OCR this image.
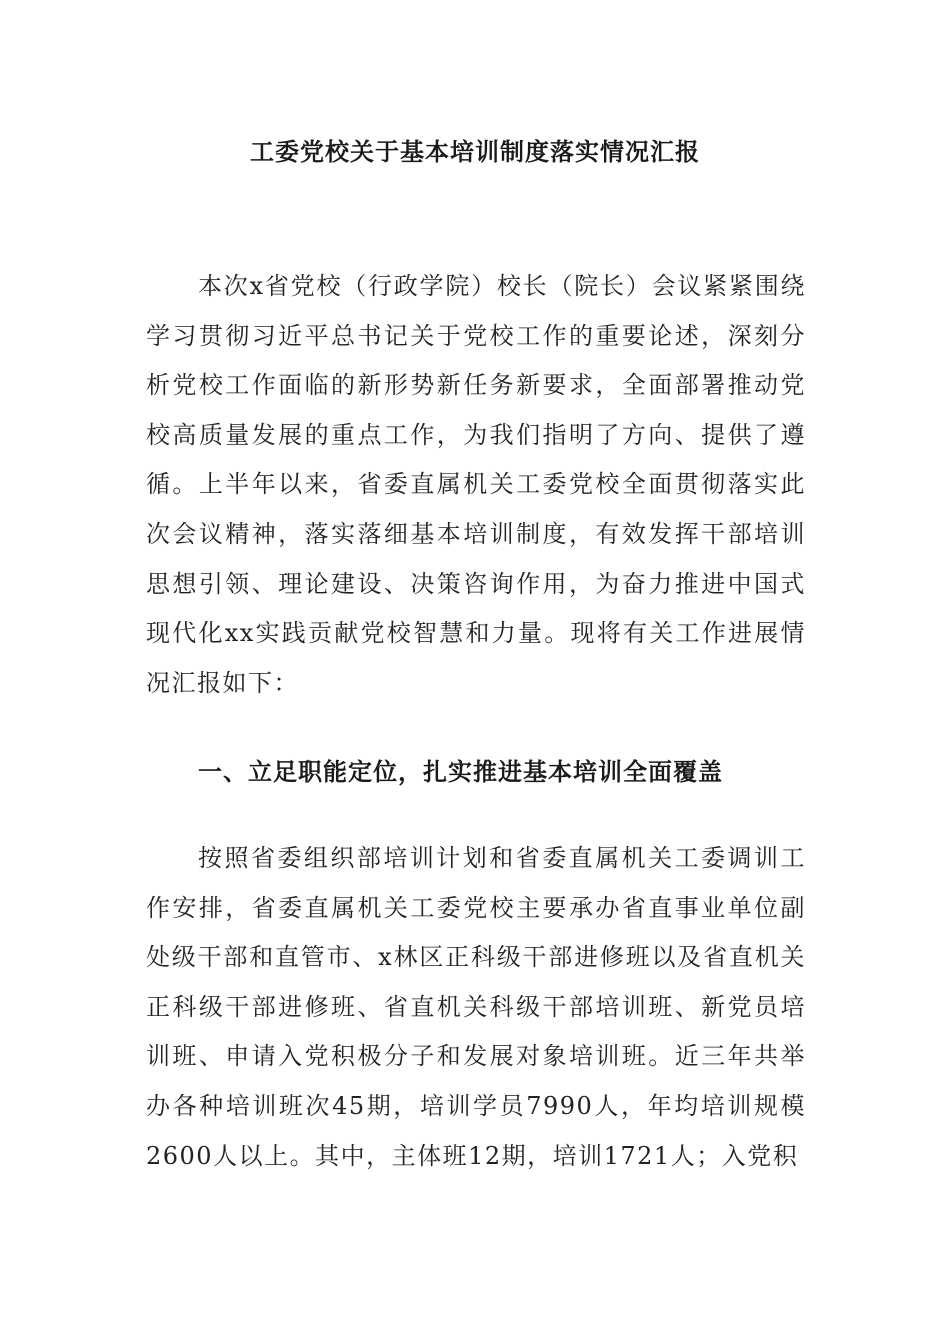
工委党校关于基本培训制度落实情况汇报

本次x省党校（行政学院）校长（院长）会议紧紧围绕学习贯彻习近平总书记关于党校工作的重要论述，深刻分析党校工作面临的新形势新任务新要求，全面部署推动党校高质量发展的重点工作，为我们指明了方向、提供了遵循。上半年以来，省委直属机关工委党校全面贯彻落实此次会议精神，落实落细基本培训制度，有效发挥干部培训思想引领、理论建设、决策咨询作用，为奋力推进中国式现代化xx实践贡献党校智慧和力量。现将有关工作进展情况汇报如下：

一、立足职能定位，扎实推进基本培训全面覆盖

按照省委组织部培训计划和省委直属机关工委调训工作安排，省委直属机关工委党校主要承办省直事业单位副处级干部和直管市、x林区正科级干部进修班以及省直机关正科级干部进修班、省直机关科级干部培训班、新党员培训班、申请入党积极分子和发展对象培训班。近三年共举办各种培训班次45期，培训学员7990人，年均培训规模2600人以上。其中，主体班12期，培训1721人；入党积
